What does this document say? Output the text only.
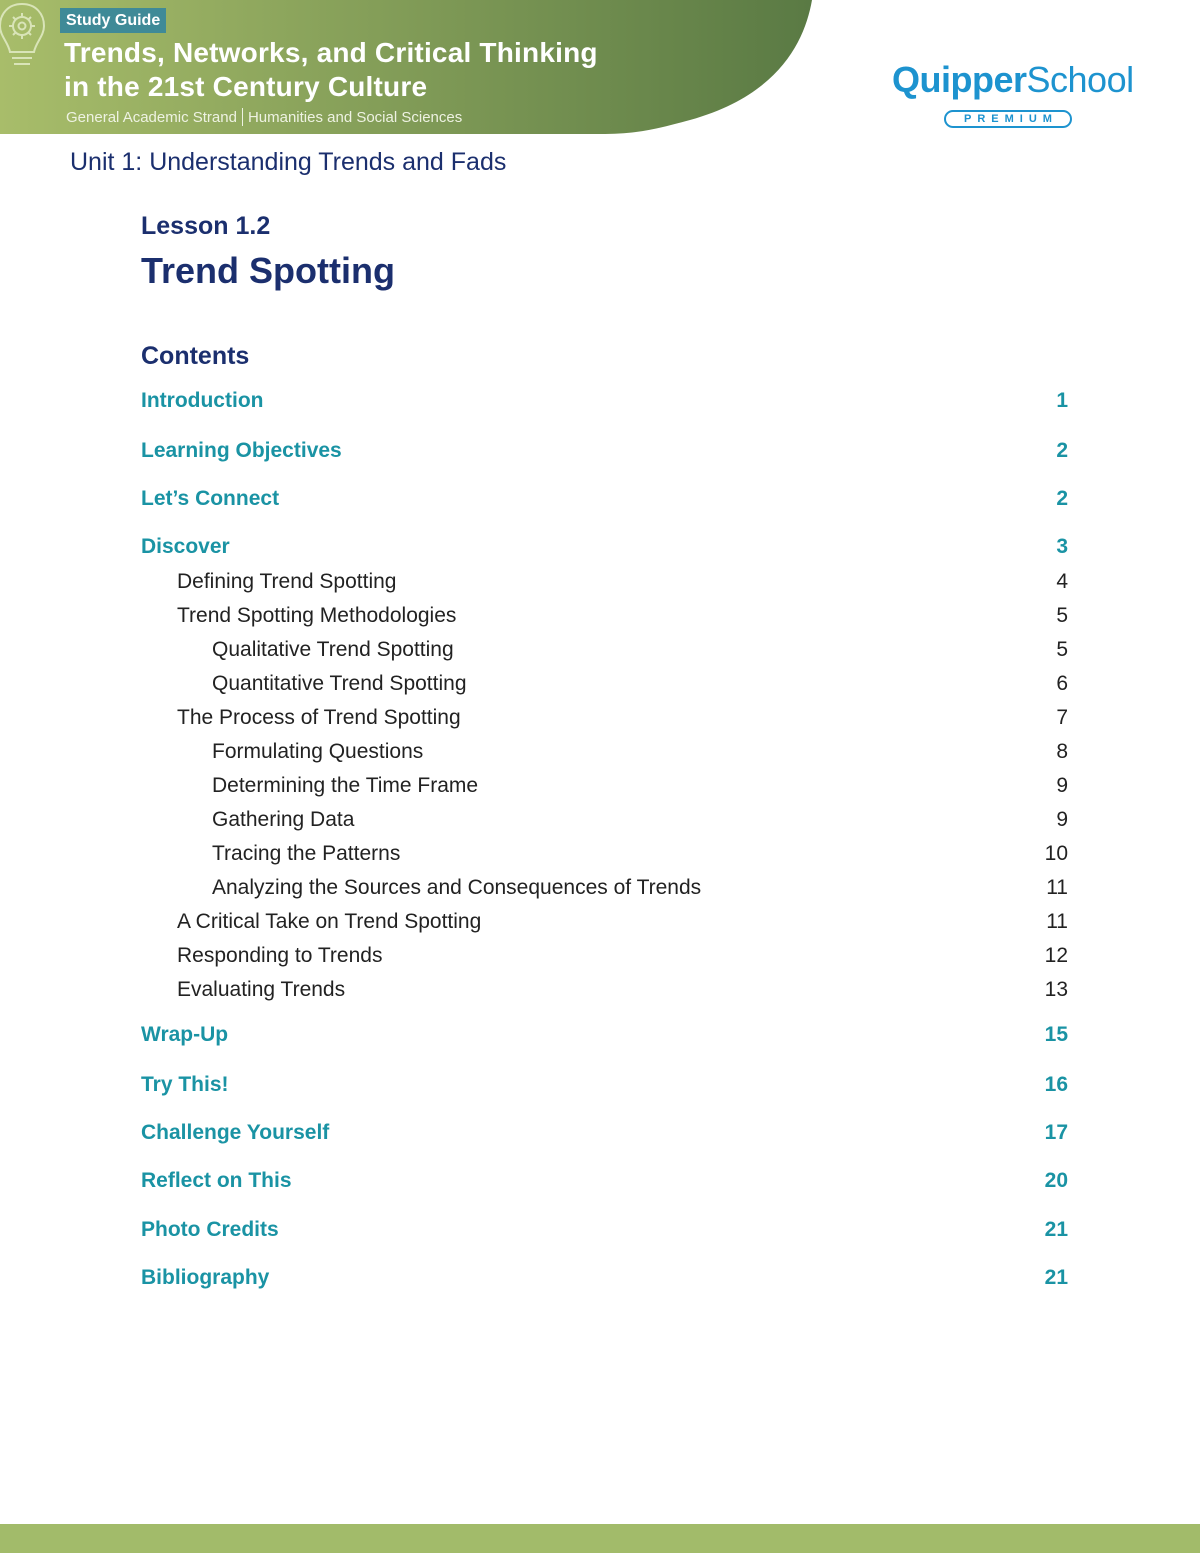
Study Guide
Trends, Networks, and Critical Thinking
in the 21st Century Culture
General Academic Strand Humanities and Social Sciences
QuipperSchool
PREMIUM
Unit 1: Understanding Trends and Fads
Lesson 1.2
Trend Spotting
Contents
Introduction	1
Learning Objectives	2
Let’s Connect	2
Discover	3
Defining Trend Spotting	4
Trend Spotting Methodologies	5
Qualitative Trend Spotting	5
Quantitative Trend Spotting	6
The Process of Trend Spotting	7
Formulating Questions	8
Determining the Time Frame	9
Gathering Data	9
Tracing the Patterns	10
Analyzing the Sources and Consequences of Trends	11
A Critical Take on Trend Spotting	11
Responding to Trends	12
Evaluating Trends	13
Wrap-Up	15
Try This!	16
Challenge Yourself	17
Reflect on This	20
Photo Credits	21
Bibliography	21
